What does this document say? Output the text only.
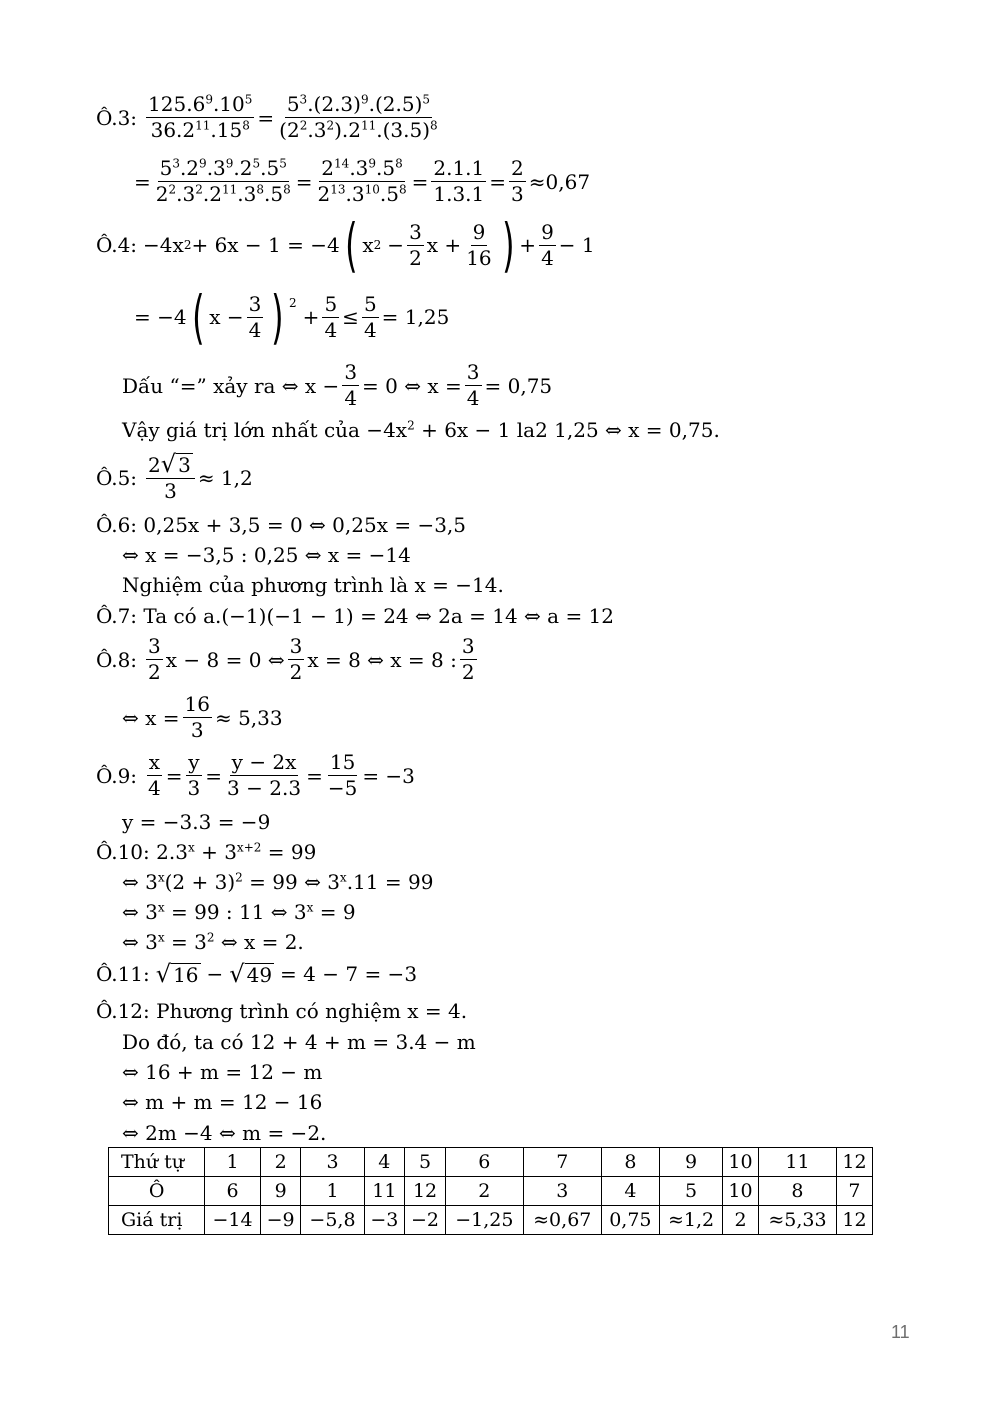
Ô.3: $\frac{125.6^9.10^5}{36.2^{11}.15^8} = \frac{5^3.(2.3)^9.(2.5)^5}{(2^2.3^2).2^{11}.(3.5)^8}$
= $\frac{5^3.2^9.3^9.2^5.5^5}{2^2.3^2.2^{11}.3^8.5^8} = \frac{2^{14}.3^9.5^8}{2^{13}.3^{10}.5^8} = \frac{2.1.1}{1.3.1} = \frac{2}{3} \approx 0,67$
Ô.4: −4x 2 + 6x − 1 = −4 ( x $2 - \frac{3}{2}$ $x + \frac{9}{16}$ ) + $\frac{9}{4} - 1$
= −4 ( $x - \frac{3}{4}$ ) $^2$
+ $\frac{5}{4} \le \frac{5}{4} = 1,25$
Dấu “=” xảy ra ⇔ $x - \frac{3}{4} = 0$ ⇔ $x = \frac{3}{4} = 0,75$
Vậy giá trị lớn nhất của $-4x^2 + 6x - 1$ la2 1,25 ⇔ x = 0,75.
Ô.5: $\frac{2 √ 3}{3} \approx 1,2$
Ô.6: 0,25x + 3,5 = 0 ⇔ 0,25x = −3,5
⇔ x = −3,5 : 0,25 ⇔ x = −14
Nghiệm của phương trình là x = −14.
Ô.7: Ta có a.(−1)(−1 − 1) = 24 ⇔ 2a = 14 ⇔ a = 12
Ô.8: $\frac{3}{2}$ x − 8 = 0 ⇔ $\frac{3}{2}$ x = 8 ⇔ x = 8 : $\frac{3}{2}$
⇔ $x = \frac{16}{3} \approx 5,33$
Ô.9: $\frac{x}{4} = \frac{y}{3} = \frac{y - 2x}{3 - 2.3} = \frac{15}{-5} = -3$
y = −3.3 = −9
Ô.10: $2.3^x + 3^{x+2} = 99$
⇔ $3^x(2 + 3)^2 = 99$ ⇔ $3^x.11 = 99$
⇔ $3^x = 99$ : 11 ⇔ $3^x = 9$
⇔ $3^x = 3^2$ ⇔ x = 2.
Ô.11: √ 16 − √ 49 = 4 − 7 = −3
Ô.12: Phương trình có nghiệm x = 4.
Do đó, ta có 12 + 4 + m = 3.4 − m
⇔ 16 + m = 12 − m
⇔ m + m = 12 − 16
⇔ 2m −4 ⇔ m = −2.
Thứ tự	1	2	3	4	5	6	7	8	9	10	11	12
Ô	6	9	1	11	12	2	3	4	5	10	8	7
Giá trị	−14	−9	−5,8	−3	−2	−1,25	≈0,67	0,75	≈1,2	2	≈5,33	12
11
